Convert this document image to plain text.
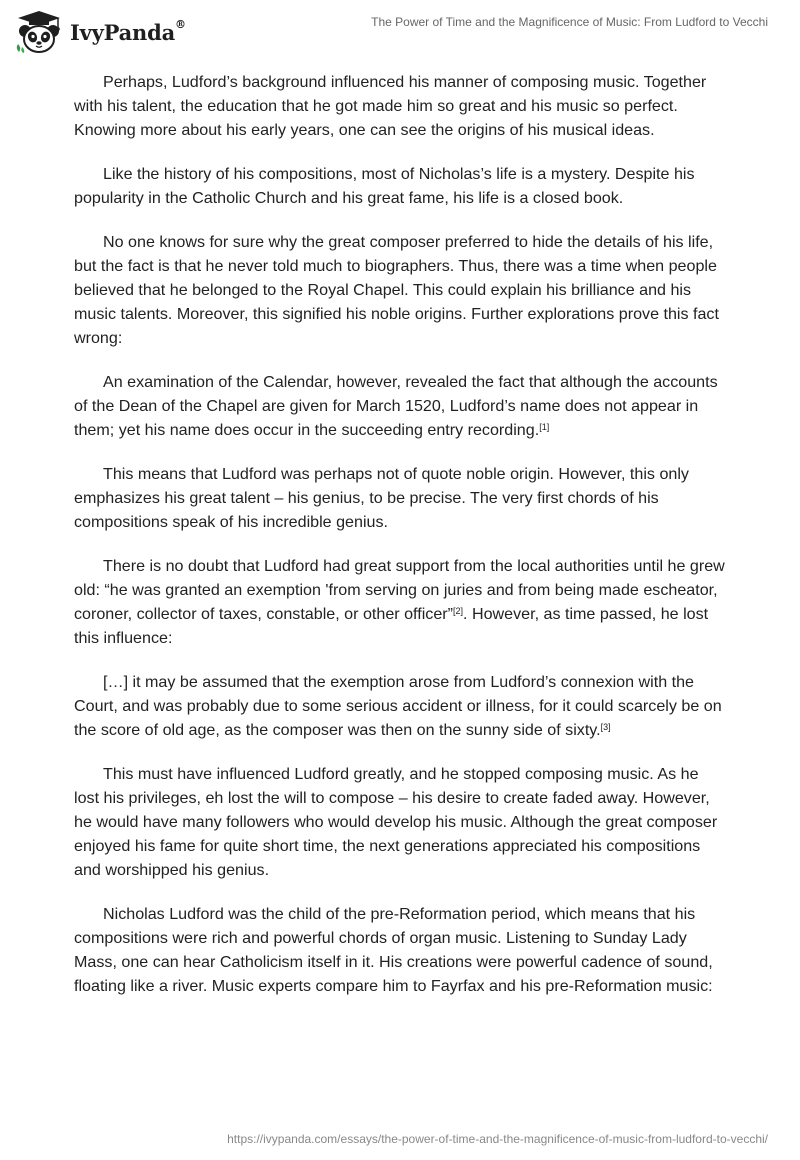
IvyPanda®	The Power of Time and the Magnificence of Music: From Ludford to Vecchi

Perhaps, Ludford’s background influenced his manner of composing music. Together with his talent, the education that he got made him so great and his music so perfect. Knowing more about his early years, one can see the origins of his musical ideas.

Like the history of his compositions, most of Nicholas’s life is a mystery. Despite his popularity in the Catholic Church and his great fame, his life is a closed book.

No one knows for sure why the great composer preferred to hide the details of his life, but the fact is that he never told much to biographers. Thus, there was a time when people believed that he belonged to the Royal Chapel. This could explain his brilliance and his music talents. Moreover, this signified his noble origins. Further explorations prove this fact wrong:

An examination of the Calendar, however, revealed the fact that although the accounts of the Dean of the Chapel are given for March 1520, Ludford’s name does not appear in them; yet his name does occur in the succeeding entry recording.[1]

This means that Ludford was perhaps not of quote noble origin. However, this only emphasizes his great talent – his genius, to be precise. The very first chords of his compositions speak of his incredible genius.

There is no doubt that Ludford had great support from the local authorities until he grew old: “he was granted an exemption 'from serving on juries and from being made escheator, coroner, collector of taxes, constable, or other officer”[2]. However, as time passed, he lost this influence:

[…] it may be assumed that the exemption arose from Ludford’s connexion with the Court, and was probably due to some serious accident or illness, for it could scarcely be on the score of old age, as the composer was then on the sunny side of sixty.[3]

This must have influenced Ludford greatly, and he stopped composing music. As he lost his privileges, eh lost the will to compose – his desire to create faded away. However, he would have many followers who would develop his music. Although the great composer enjoyed his fame for quite short time, the next generations appreciated his compositions and worshipped his genius.

Nicholas Ludford was the child of the pre-Reformation period, which means that his compositions were rich and powerful chords of organ music. Listening to Sunday Lady Mass, one can hear Catholicism itself in it. His creations were powerful cadence of sound, floating like a river. Music experts compare him to Fayrfax and his pre-Reformation music:

https://ivypanda.com/essays/the-power-of-time-and-the-magnificence-of-music-from-ludford-to-vecchi/
